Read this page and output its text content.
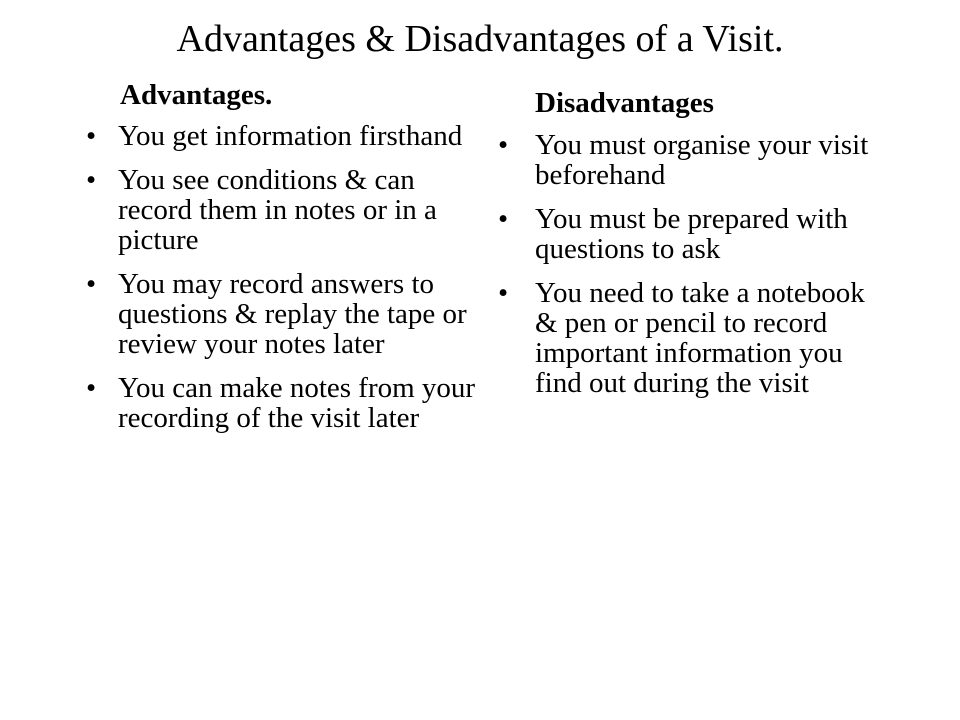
Advantages & Disadvantages of a Visit.
Advantages.
• You get information firsthand
• You see conditions & can record them in notes or in a picture
• You may record answers to questions & replay the tape or review your notes later
• You can make notes from your recording of the visit later
Disadvantages
• You must organise your visit beforehand
• You must be prepared with questions to ask
• You need to take a notebook & pen or pencil to record important information you find out during the visit
